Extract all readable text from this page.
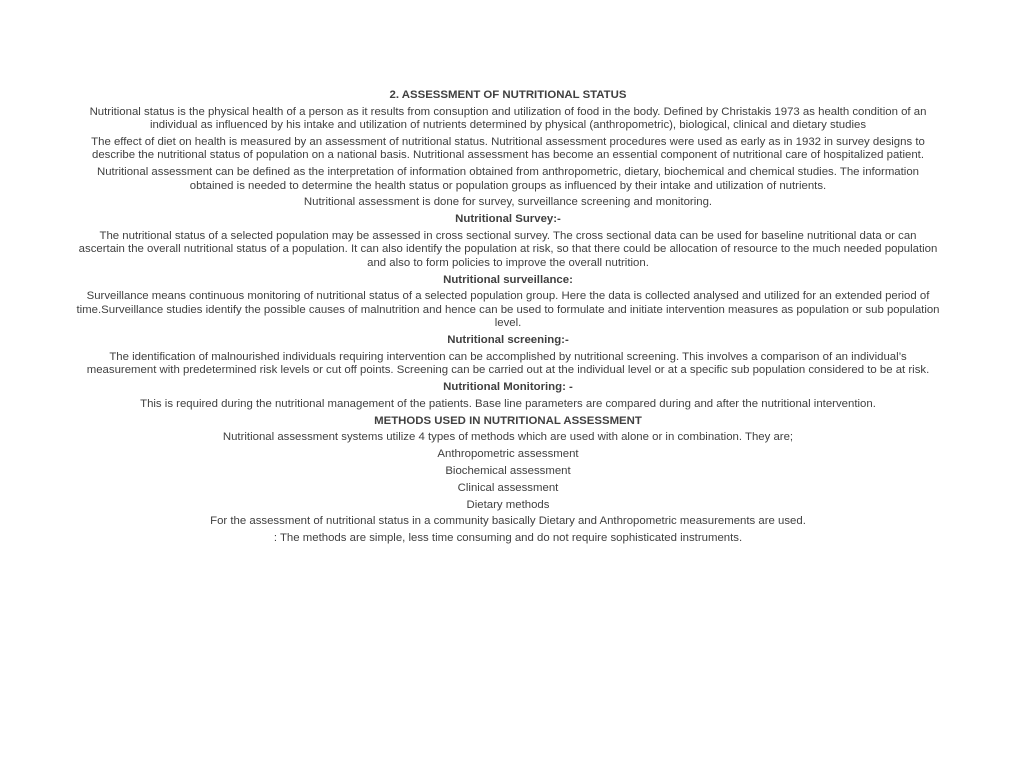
2. ASSESSMENT OF NUTRITIONAL STATUS
Nutritional status is the physical health of a person as it results from consuption and utilization of food in the body. Defined by Christakis 1973 as health condition of an individual as influenced by his intake and utilization of nutrients determined by physical (anthropometric), biological, clinical and dietary studies
The effect of diet on health is measured by an assessment of nutritional status. Nutritional assessment procedures were used as early as in 1932 in survey designs to describe the nutritional status of population on a national basis. Nutritional assessment has become an essential component of nutritional care of hospitalized patient.
Nutritional assessment can be defined as the interpretation of information obtained from anthropometric, dietary, biochemical and chemical studies. The information obtained is needed to determine the health status or population groups as influenced by their intake and utilization of nutrients.
Nutritional assessment is done for survey, surveillance screening and monitoring.
Nutritional Survey:-
The nutritional status of a selected population may be assessed in cross sectional survey. The cross sectional data can be used for baseline nutritional data or can ascertain the overall nutritional status of a population. It can also identify the population at risk, so that there could be allocation of resource to the much needed population and also to form policies to improve the overall nutrition.
Nutritional surveillance:
Surveillance means continuous monitoring of nutritional status of a selected population group. Here the data is collected analysed and utilized for an extended period of time.Surveillance studies identify the possible causes of malnutrition and hence can be used to formulate and initiate intervention measures as population or sub population level.
Nutritional screening:-
The identification of malnourished individuals requiring intervention can be accomplished by nutritional screening. This involves a comparison of an individual’s measurement with predetermined risk levels or cut off points. Screening can be carried out at the individual level or at a specific sub population considered to be at risk.
Nutritional Monitoring: -
This is required during the nutritional management of the patients. Base line parameters are compared during and after the nutritional intervention.
METHODS USED IN NUTRITIONAL ASSESSMENT
Nutritional assessment systems utilize 4 types of methods which are used with alone or in combination. They are;
Anthropometric assessment
Biochemical assessment
Clinical assessment
Dietary methods
For the assessment of nutritional status in a community basically Dietary and Anthropometric measurements are used.
: The methods are simple, less time consuming and do not require sophisticated instruments.
